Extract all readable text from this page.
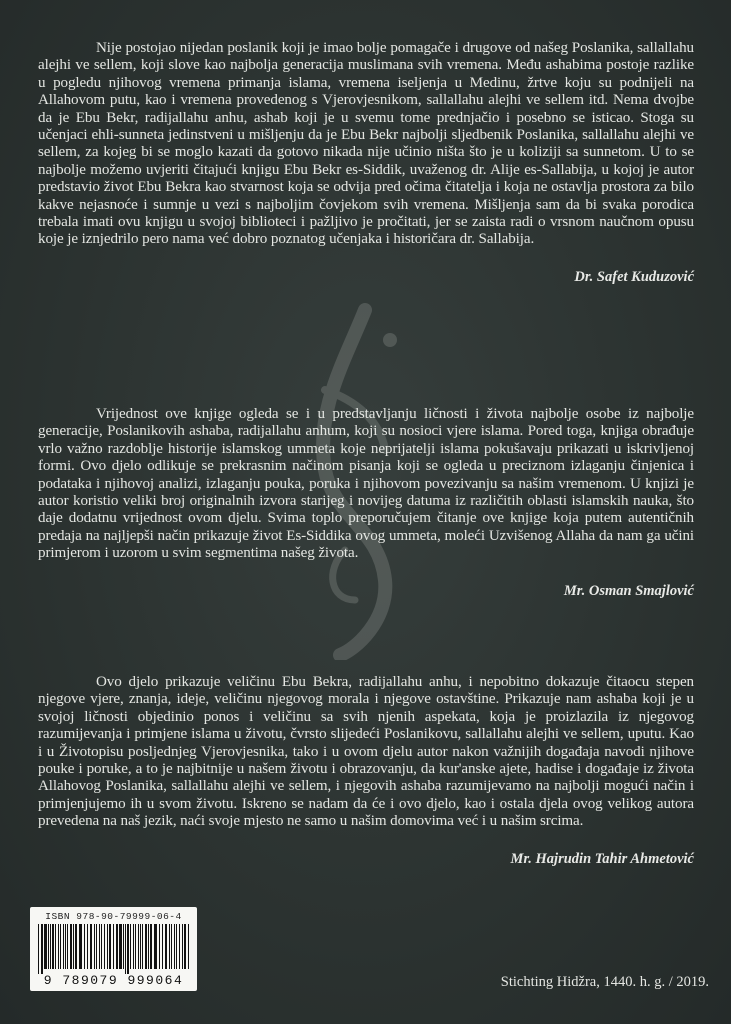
Nije postojao nijedan poslanik koji je imao bolje pomagače i drugove od našeg Poslanika, sallallahu alejhi ve sellem, koji slove kao najbolja generacija muslimana svih vremena. Među ashabima postoje razlike u pogledu njihovog vremena primanja islama, vremena iseljenja u Medinu, žrtve koju su podnijeli na Allahovom putu, kao i vremena provedenog s Vjerovjesnikom, sallallahu alejhi ve sellem itd. Nema dvojbe da je Ebu Bekr, radijallahu anhu, ashab koji je u svemu tome prednjačio i posebno se isticao. Stoga su učenjaci ehli-sunneta jedinstveni u mišljenju da je Ebu Bekr najbolji sljedbenik Poslanika, sallallahu alejhi ve sellem, za kojeg bi se moglo kazati da gotovo nikada nije učinio ništa što je u koliziji sa sunnetom. U to se najbolje možemo uvjeriti čitajući knjigu Ebu Bekr es-Siddik, uvaženog dr. Alije es-Sallabija, u kojoj je autor predstavio život Ebu Bekra kao stvarnost koja se odvija pred očima čitatelja i koja ne ostavlja prostora za bilo kakve nejasnoće i sumnje u vezi s najboljim čovjekom svih vremena. Mišljenja sam da bi svaka porodica trebala imati ovu knjigu u svojoj biblioteci i pažljivo je pročitati, jer se zaista radi o vrsnom naučnom opusu koje je iznjedrilo pero nama već dobro poznatog učenjaka i historičara dr. Sallabija.

Dr. Safet Kuduzović

Vrijednost ove knjige ogleda se i u predstavljanju ličnosti i života najbolje osobe iz najbolje generacije, Poslanikovih ashaba, radijallahu anhum, koji su nosioci vjere islama. Pored toga, knjiga obrađuje vrlo važno razdoblje historije islamskog ummeta koje neprijatelji islama pokušavaju prikazati u iskrivljenoj formi. Ovo djelo odlikuje se prekrasnim načinom pisanja koji se ogleda u preciznom izlaganju činjenica i podataka i njihovoj analizi, izlaganju pouka, poruka i njihovom povezivanju sa našim vremenom. U knjizi je autor koristio veliki broj originalnih izvora starijeg i novijeg datuma iz različitih oblasti islamskih nauka, što daje dodatnu vrijednost ovom djelu. Svima toplo preporučujem čitanje ove knjige koja putem autentičnih predaja na najljepši način prikazuje život Es-Siddika ovog ummeta, moleći Uzvišenog Allaha da nam ga učini primjerom i uzorom u svim segmentima našeg života.

Mr. Osman Smajlović

Ovo djelo prikazuje veličinu Ebu Bekra, radijallahu anhu, i nepobitno dokazuje čitaocu stepen njegove vjere, znanja, ideje, veličinu njegovog morala i njegove ostavštine. Prikazuje nam ashaba koji je u svojoj ličnosti objedinio ponos i veličinu sa svih njenih aspekata, koja je proizlazila iz njegovog razumijevanja i primjene islama u životu, čvrsto slijedeći Poslanikovu, sallallahu alejhi ve sellem, uputu. Kao i u Životopisu posljednjeg Vjerovjesnika, tako i u ovom djelu autor nakon važnijih događaja navodi njihove pouke i poruke, a to je najbitnije u našem životu i obrazovanju, da kur'anske ajete, hadise i događaje iz života Allahovog Poslanika, sallallahu alejhi ve sellem, i njegovih ashaba razumijevamo na najbolji mogući način i primjenjujemo ih u svom životu. Iskreno se nadam da će i ovo djelo, kao i ostala djela ovog velikog autora prevedena na naš jezik, naći svoje mjesto ne samo u našim domovima već i u našim srcima.

Mr. Hajrudin Tahir Ahmetović
ISBN 978-90-79999-06-4
9 789079 999064	Stichting Hidžra, 1440. h. g. / 2019.
